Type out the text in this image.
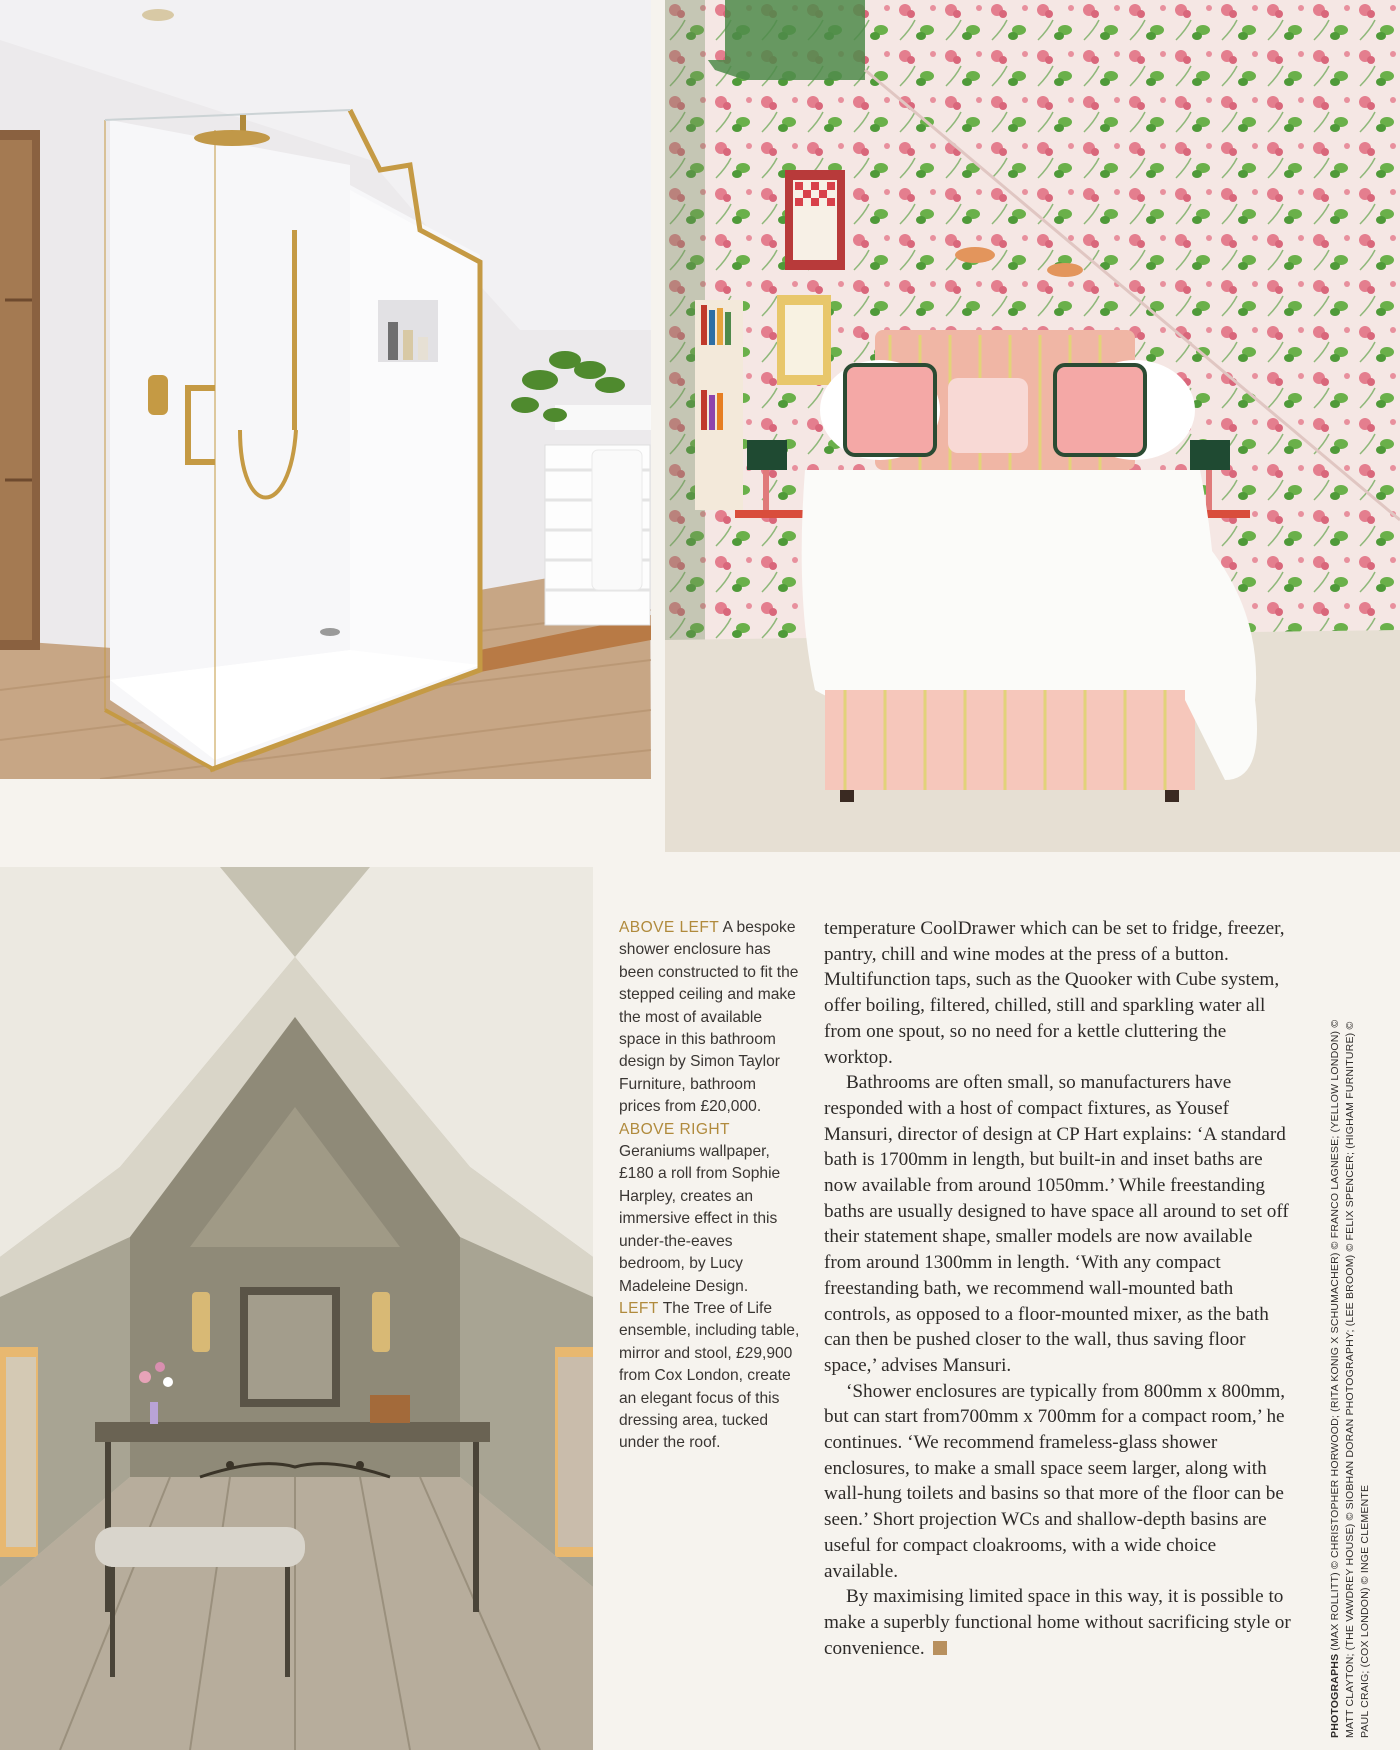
ABOVE LEFT A bespoke shower enclosure has been constructed to fit the stepped ceiling and make the most of available space in this bathroom design by Simon Taylor Furniture, bathroom prices from £20,000.

ABOVE RIGHT Geraniums wallpaper, £180 a roll from Sophie Harpley, creates an immersive effect in this under-the-eaves bedroom, by Lucy Madeleine Design.

LEFT The Tree of Life ensemble, including table, mirror and stool, £29,900 from Cox London, create an elegant focus of this dressing area, tucked under the roof.

temperature CoolDrawer which can be set to fridge, freezer, pantry, chill and wine modes at the press of a button. Multifunction taps, such as the Quooker with Cube system, offer boiling, filtered, chilled, still and sparkling water all from one spout, so no need for a kettle cluttering the worktop.

Bathrooms are often small, so manufacturers have responded with a host of compact fixtures, as Yousef Mansuri, director of design at CP Hart explains: ‘A standard bath is 1700mm in length, but built-in and inset baths are now available from around 1050mm.’ While freestanding baths are usually designed to have space all around to set off their statement shape, smaller models are now available from around 1300mm in length. ‘With any compact freestanding bath, we recommend wall-mounted bath controls, as opposed to a floor-mounted mixer, as the bath can then be pushed closer to the wall, thus saving floor space,’ advises Mansuri.

‘Shower enclosures are typically from 800mm x 800mm, but can start from700mm x 700mm for a compact room,’ he continues. ‘We recommend frameless-glass shower enclosures, to make a small space seem larger, along with wall-hung toilets and basins so that more of the floor can be seen.’ Short projection WCs and shallow-depth basins are useful for compact cloakrooms, with a wide choice available.

By maximising limited space in this way, it is possible to make a superbly functional home without sacrificing style or convenience.

PHOTOGRAPHS (MAX ROLLITT) © CHRISTOPHER HORWOOD; (RITA KONIG X SCHUMACHER) © FRANCO LAGNESE; (YELLOW LONDON) © MATT CLAYTON; (THE VAWDREY HOUSE) © SIOBHAN DORAN PHOTOGRAPHY; (LEE BROOM) © FELIX SPENCER; (HIGHAM FURNITURE) © PAUL CRAIG; (COX LONDON) © INGE CLEMENTE
